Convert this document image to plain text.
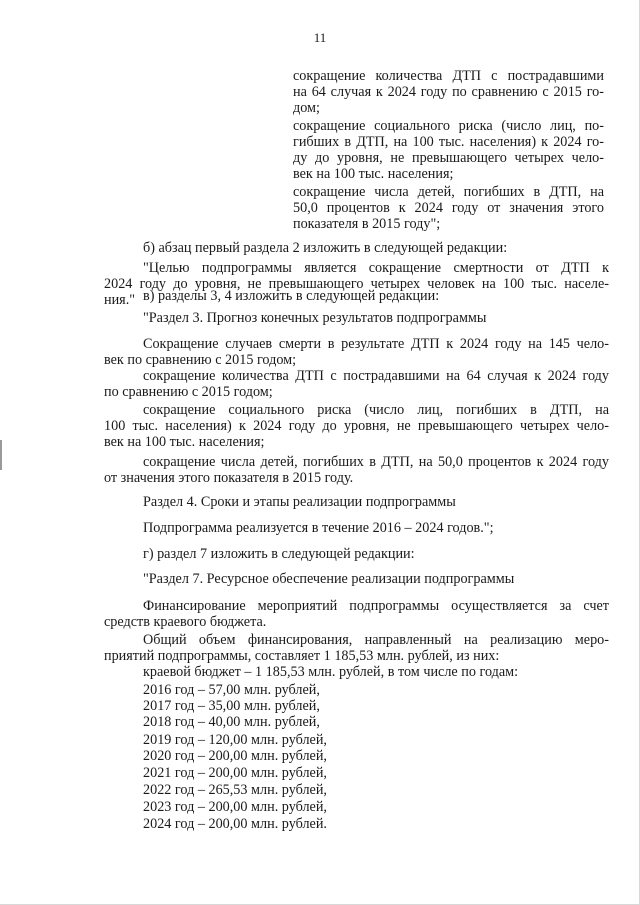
11
сокращение количества ДТП с пострадавшими
на 64 случая к 2024 году по сравнению с 2015 го-
дом;
сокращение социального риска (число лиц, по-
гибших в ДТП, на 100 тыс. населения) к 2024 го-
ду до уровня, не превышающего четырех чело-
век на 100 тыс. населения;
сокращение числа детей, погибших в ДТП, на
50,0 процентов к 2024 году от значения этого
показателя в 2015 году";
б) абзац первый раздела 2 изложить в следующей редакции:
"Целью подпрограммы является сокращение смертности от ДТП к
2024 году до уровня, не превышающего четырех человек на 100 тыс. населе-
ния." в) разделы 3, 4 изложить в следующей редакции:
"Раздел 3. Прогноз конечных результатов подпрограммы
Сокращение случаев смерти в результате ДТП к 2024 году на 145 чело-
век по сравнению с 2015 годом;
сокращение количества ДТП с пострадавшими на 64 случая к 2024 году
по сравнению с 2015 годом;
сокращение социального риска (число лиц, погибших в ДТП, на
100 тыс. населения) к 2024 году до уровня, не превышающего четырех чело-
век на 100 тыс. населения;
сокращение числа детей, погибших в ДТП, на 50,0 процентов к 2024 году
от значения этого показателя в 2015 году.
Раздел 4. Сроки и этапы реализации подпрограммы
Подпрограмма реализуется в течение 2016 – 2024 годов.";
г) раздел 7 изложить в следующей редакции:
"Раздел 7. Ресурсное обеспечение реализации подпрограммы
Финансирование мероприятий подпрограммы осуществляется за счет
средств краевого бюджета.
Общий объем финансирования, направленный на реализацию меро-
приятий подпрограммы, составляет 1 185,53 млн. рублей, из них:
краевой бюджет – 1 185,53 млн. рублей, в том числе по годам:
2016 год – 57,00 млн. рублей,
2017 год – 35,00 млн. рублей,
2018 год – 40,00 млн. рублей,
2019 год – 120,00 млн. рублей,
2020 год – 200,00 млн. рублей,
2021 год – 200,00 млн. рублей,
2022 год – 265,53 млн. рублей,
2023 год – 200,00 млн. рублей,
2024 год – 200,00 млн. рублей.
